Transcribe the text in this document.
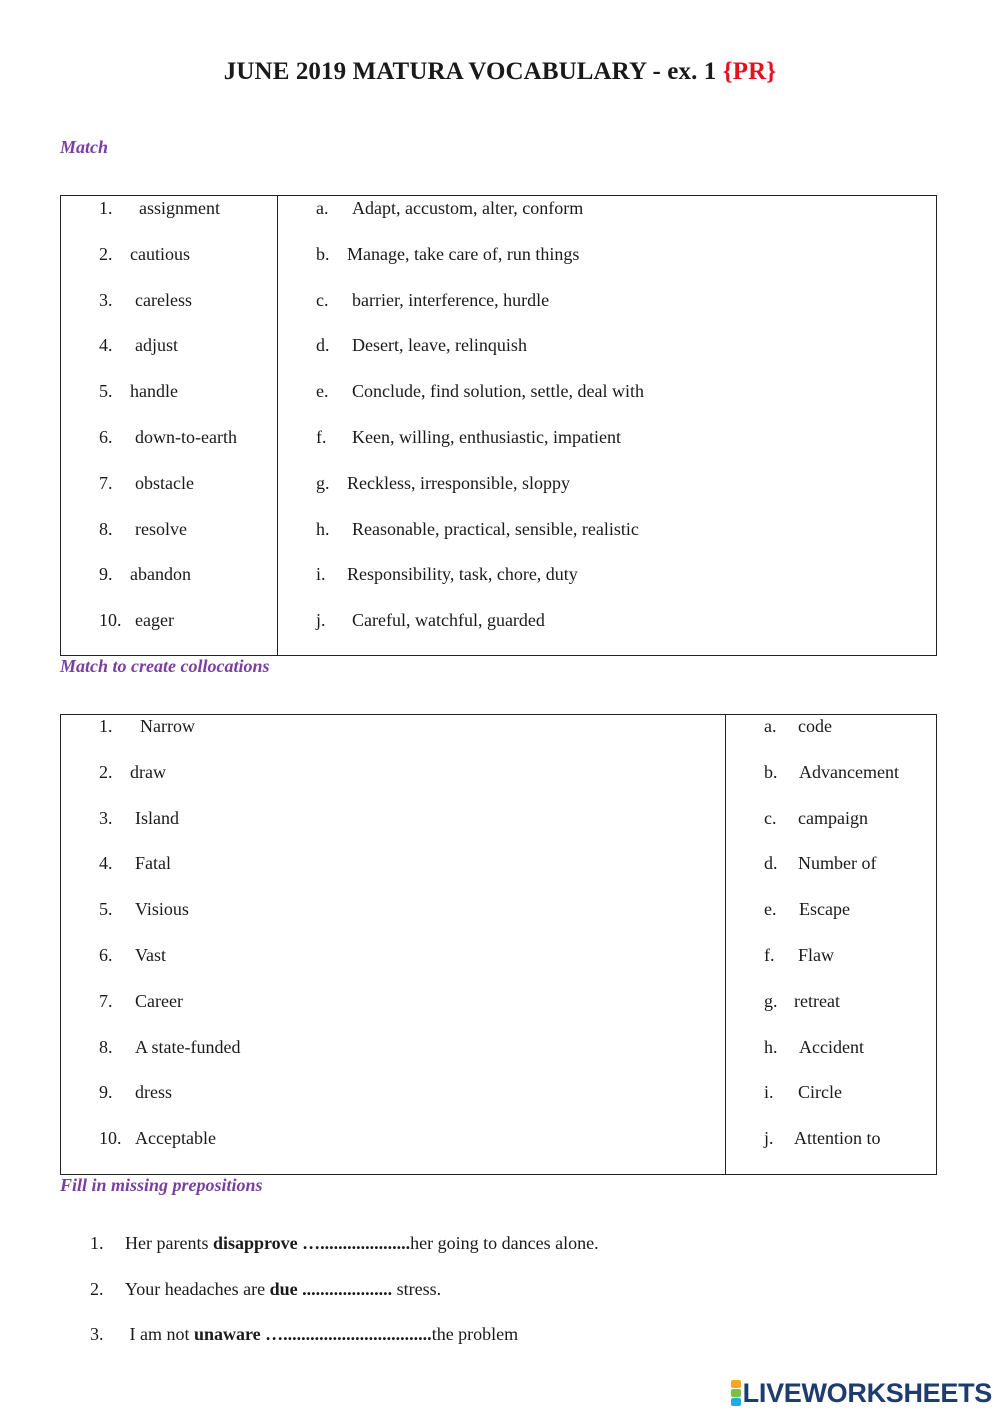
JUNE 2019 MATURA VOCABULARY - ex. 1 {PR}
Match
1. assignment
2. cautious
3. careless
4. adjust
5. handle
6. down-to-earth
7. obstacle
8. resolve
9. abandon
10. eager
a. Adapt, accustom, alter, conform
b. Manage, take care of, run things
c. barrier, interference, hurdle
d. Desert, leave, relinquish
e. Conclude, find solution, settle, deal with
f. Keen, willing, enthusiastic, impatient
g. Reckless, irresponsible, sloppy
h. Reasonable, practical, sensible, realistic
i. Responsibility, task, chore, duty
j. Careful, watchful, guarded
Match to create collocations
1. Narrow
2. draw
3. Island
4. Fatal
5. Visious
6. Vast
7. Career
8. A state-funded
9. dress
10. Acceptable
a. code
b. Advancement
c. campaign
d. Number of
e. Escape
f. Flaw
g. retreat
h. Accident
i. Circle
j. Attention to
Fill in missing prepositions
1. Her parents disapprove …....................her going to dances alone.
2. Your headaches are due .................... stress.
3. I am not unaware ….................................the problem
LIVEWORKSHEETS
